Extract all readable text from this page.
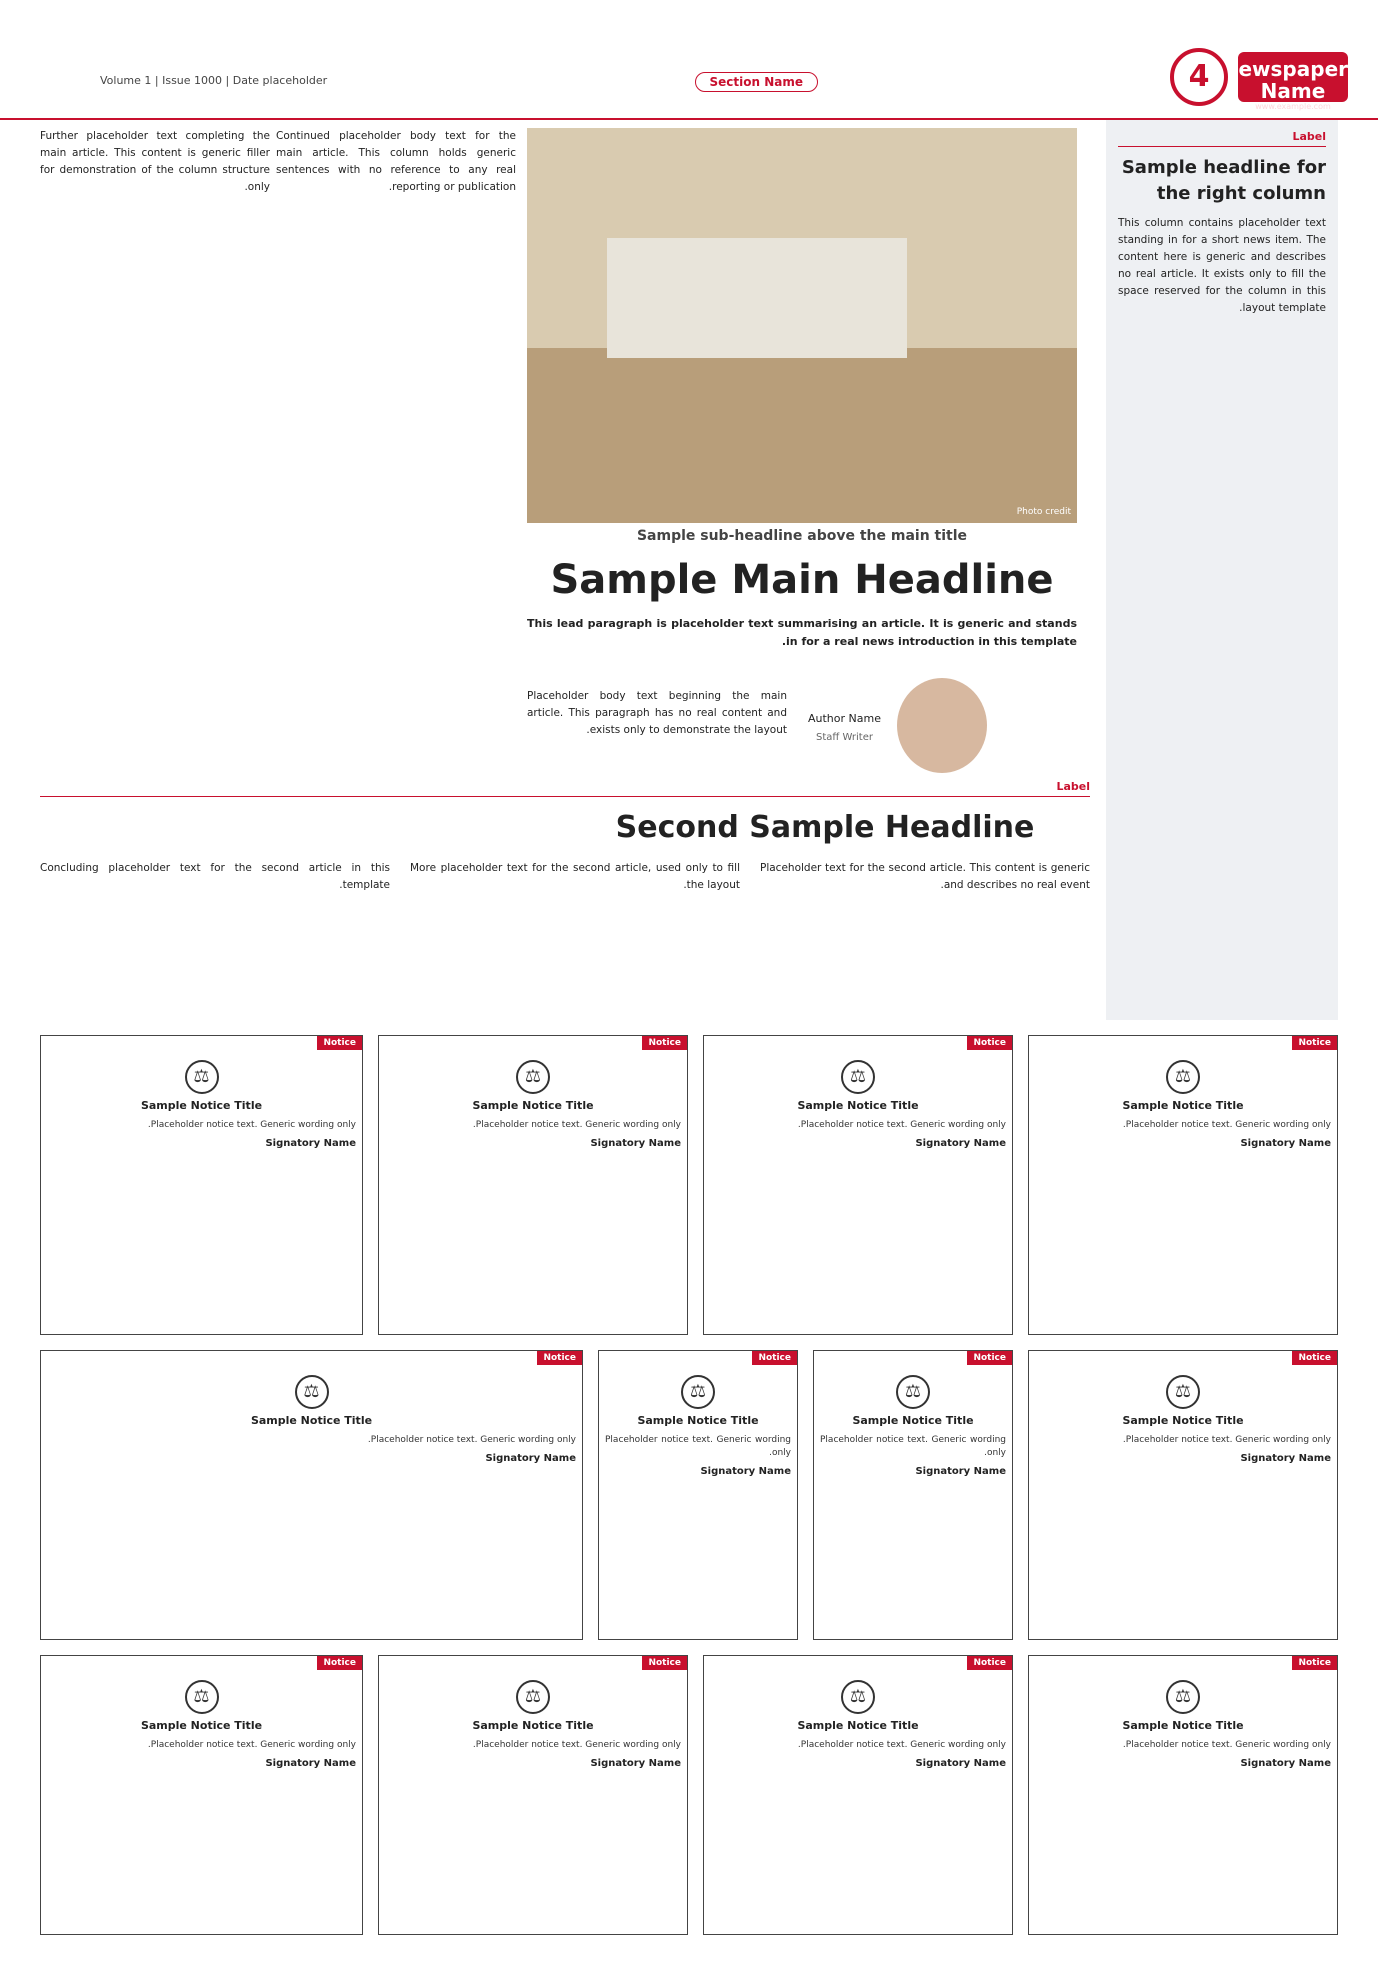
Newspaper Name
www.example.com
4
Section Name
Volume 1 | Issue 1000 | Date placeholder
Label
Sample headline for the right column
This column contains placeholder text standing in for a short news item. The content here is generic and describes no real article. It exists only to fill the space reserved for the column in this layout template.
Photo credit
Sample sub-headline above the main title
Sample Main Headline
This lead paragraph is placeholder text summarising an article. It is generic and stands in for a real news introduction in this template.
Author Name
Staff Writer
Placeholder body text beginning the main article. This paragraph has no real content and exists only to demonstrate the layout.
Continued placeholder body text for the main article. This column holds generic sentences with no reference to any real reporting or publication.
Further placeholder text completing the main article. This content is generic filler for demonstration of the column structure only.
Label
Second Sample Headline
Placeholder text for the second article. This content is generic and describes no real event.
More placeholder text for the second article, used only to fill the layout.
Concluding placeholder text for the second article in this template.
Notice
⚖
Sample Notice Title
Placeholder notice text. Generic wording only.
Signatory Name
Notice
⚖
Sample Notice Title
Placeholder notice text. Generic wording only.
Signatory Name
Notice
⚖
Sample Notice Title
Placeholder notice text. Generic wording only.
Signatory Name
Notice
⚖
Sample Notice Title
Placeholder notice text. Generic wording only.
Signatory Name
Notice
⚖
Sample Notice Title
Placeholder notice text. Generic wording only.
Signatory Name
Notice
⚖
Sample Notice Title
Placeholder notice text. Generic wording only.
Signatory Name
Notice
⚖
Sample Notice Title
Placeholder notice text. Generic wording only.
Signatory Name
Notice
⚖
Sample Notice Title
Placeholder notice text. Generic wording only.
Signatory Name
Notice
⚖
Sample Notice Title
Placeholder notice text. Generic wording only.
Signatory Name
Notice
⚖
Sample Notice Title
Placeholder notice text. Generic wording only.
Signatory Name
Notice
⚖
Sample Notice Title
Placeholder notice text. Generic wording only.
Signatory Name
Notice
⚖
Sample Notice Title
Placeholder notice text. Generic wording only.
Signatory Name
